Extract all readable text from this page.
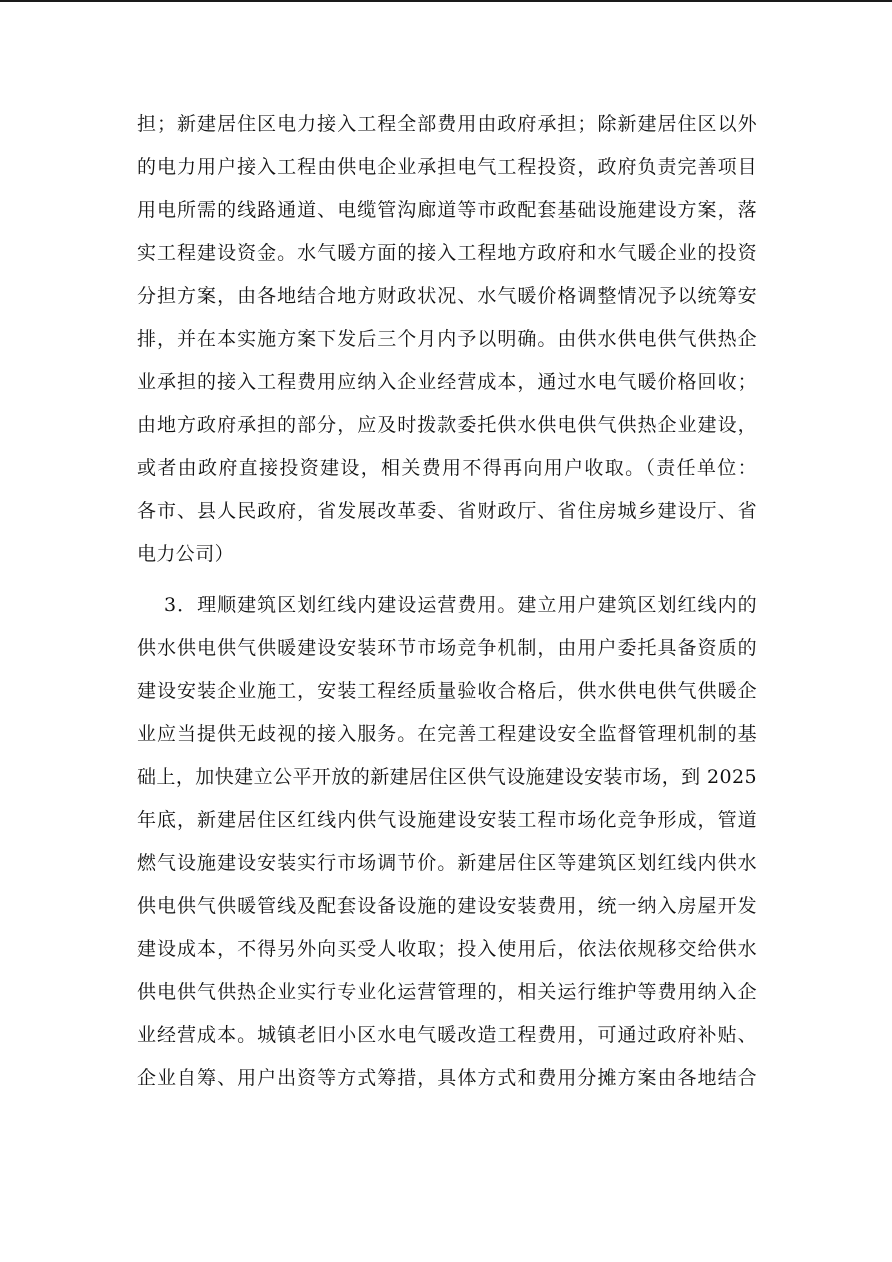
担；新建居住区电力接入工程全部费用由政府承担；除新建居住区以外
的电力用户接入工程由供电企业承担电气工程投资，政府负责完善项目
用电所需的线路通道、电缆管沟廊道等市政配套基础设施建设方案，落
实工程建设资金。水气暖方面的接入工程地方政府和水气暖企业的投资
分担方案，由各地结合地方财政状况、水气暖价格调整情况予以统筹安
排，并在本实施方案下发后三个月内予以明确。由供水供电供气供热企
业承担的接入工程费用应纳入企业经营成本，通过水电气暖价格回收；
由地方政府承担的部分，应及时拨款委托供水供电供气供热企业建设，
或者由政府直接投资建设，相关费用不得再向用户收取。（责任单位：
各市、县人民政府，省发展改革委、省财政厅、省住房城乡建设厅、省
电力公司）
3．理顺建筑区划红线内建设运营费用。建立用户建筑区划红线内的
供水供电供气供暖建设安装环节市场竞争机制，由用户委托具备资质的
建设安装企业施工，安装工程经质量验收合格后，供水供电供气供暖企
业应当提供无歧视的接入服务。在完善工程建设安全监督管理机制的基
础上，加快建立公平开放的新建居住区供气设施建设安装市场，到 2025
年底，新建居住区红线内供气设施建设安装工程市场化竞争形成，管道
燃气设施建设安装实行市场调节价。新建居住区等建筑区划红线内供水
供电供气供暖管线及配套设备设施的建设安装费用，统一纳入房屋开发
建设成本，不得另外向买受人收取；投入使用后，依法依规移交给供水
供电供气供热企业实行专业化运营管理的，相关运行维护等费用纳入企
业经营成本。城镇老旧小区水电气暖改造工程费用，可通过政府补贴、
企业自筹、用户出资等方式筹措，具体方式和费用分摊方案由各地结合
